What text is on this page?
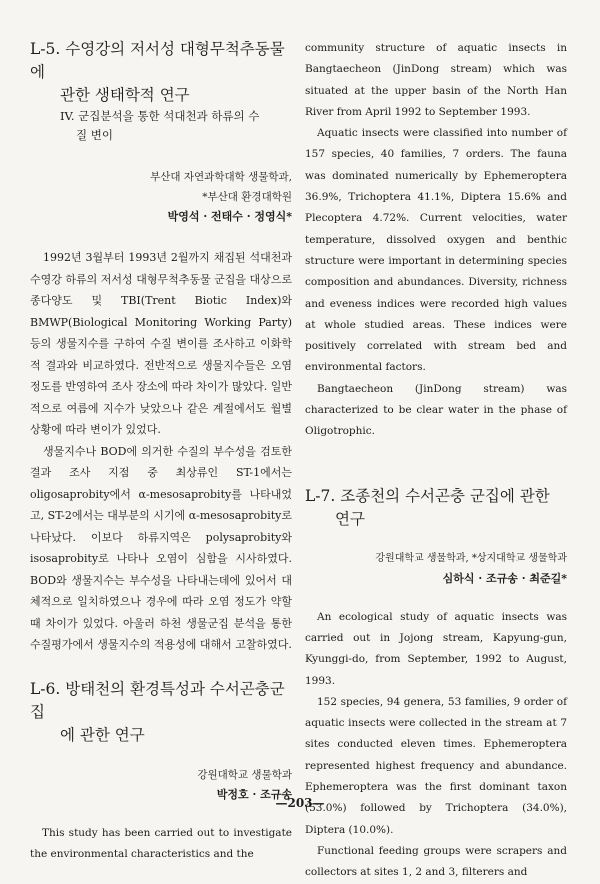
L-5. 수영강의 저서성 대형무척추동물에
관한 생태학적 연구
IV. 군집분석을 통한 석대천과 하류의 수
질 변이

부산대 자연과학대학 생물학과,

*부산대 환경대학원

박영석 · 전태수 · 정영식*

1992년 3월부터 1993년 2월까지 채집된 석대천과 수영강 하류의 저서성 대형무척추동물 군집을 대상으로 종다양도 및 TBI(Trent Biotic Index)와 BMWP(Biological Monitoring Working Party) 등의 생물지수를 구하여 수질 변이를 조사하고 이화학적 결과와 비교하였다. 전반적으로 생물지수들은 오염 정도를 반영하여 조사 장소에 따라 차이가 많았다. 일반적으로 여름에 지수가 낮았으나 같은 계절에서도 월별 상황에 따라 변이가 있었다.

생물지수나 BOD에 의거한 수질의 부수성을 검토한 결과 조사 지점 중 최상류인 ST-1에서는 oligosaprobity에서 α-mesosaprobity를 나타내었고, ST-2에서는 대부분의 시기에 α-mesosaprobity로 나타났다. 이보다 하류지역은 polysaprobity와 isosaprobity로 나타나 오염이 심함을 시사하였다. BOD와 생물지수는 부수성을 나타내는데에 있어서 대체적으로 일치하였으나 경우에 따라 오염 정도가 약할 때 차이가 있었다. 아울러 하천 생물군집 분석을 통한 수질평가에서 생물지수의 적용성에 대해서 고찰하였다.

L-6. 방태천의 환경특성과 수서곤충군집
에 관한 연구

강원대학교 생물학과

박정호 · 조규송

This study has been carried out to investigate the environmental characteristics and the

community structure of aquatic insects in Bangtaecheon (JinDong stream) which was situated at the upper basin of the North Han River from April 1992 to September 1993.

Aquatic insects were classified into number of 157 species, 40 families, 7 orders. The fauna was dominated numerically by Ephemeroptera 36.9%, Trichoptera 41.1%, Diptera 15.6% and Plecoptera 4.72%. Current velocities, water temperature, dissolved oxygen and benthic structure were important in determining species composition and abundances. Diversity, richness and eveness indices were recorded high values at whole studied areas. These indices were positively correlated with stream bed and environmental factors.

Bangtaecheon (JinDong stream) was characterized to be clear water in the phase of Oligotrophic.

L-7. 조종천의 수서곤충 군집에 관한
연구

강원대학교 생물학과, *상지대학교 생물학과

심하식 · 조규송 · 최준길*

An ecological study of aquatic insects was carried out in Jojong stream, Kapyung-gun, Kyunggi-do, from September, 1992 to August, 1993.

152 species, 94 genera, 53 families, 9 order of aquatic insects were collected in the stream at 7 sites conducted eleven times. Ephemeroptera represented highest frequency and abundance. Ephemeroptera was the first dominant taxon (53.0%) followed by Trichoptera (34.0%), Diptera (10.0%).

Functional feeding groups were scrapers and collectors at sites 1, 2 and 3, filterers and

—203—
